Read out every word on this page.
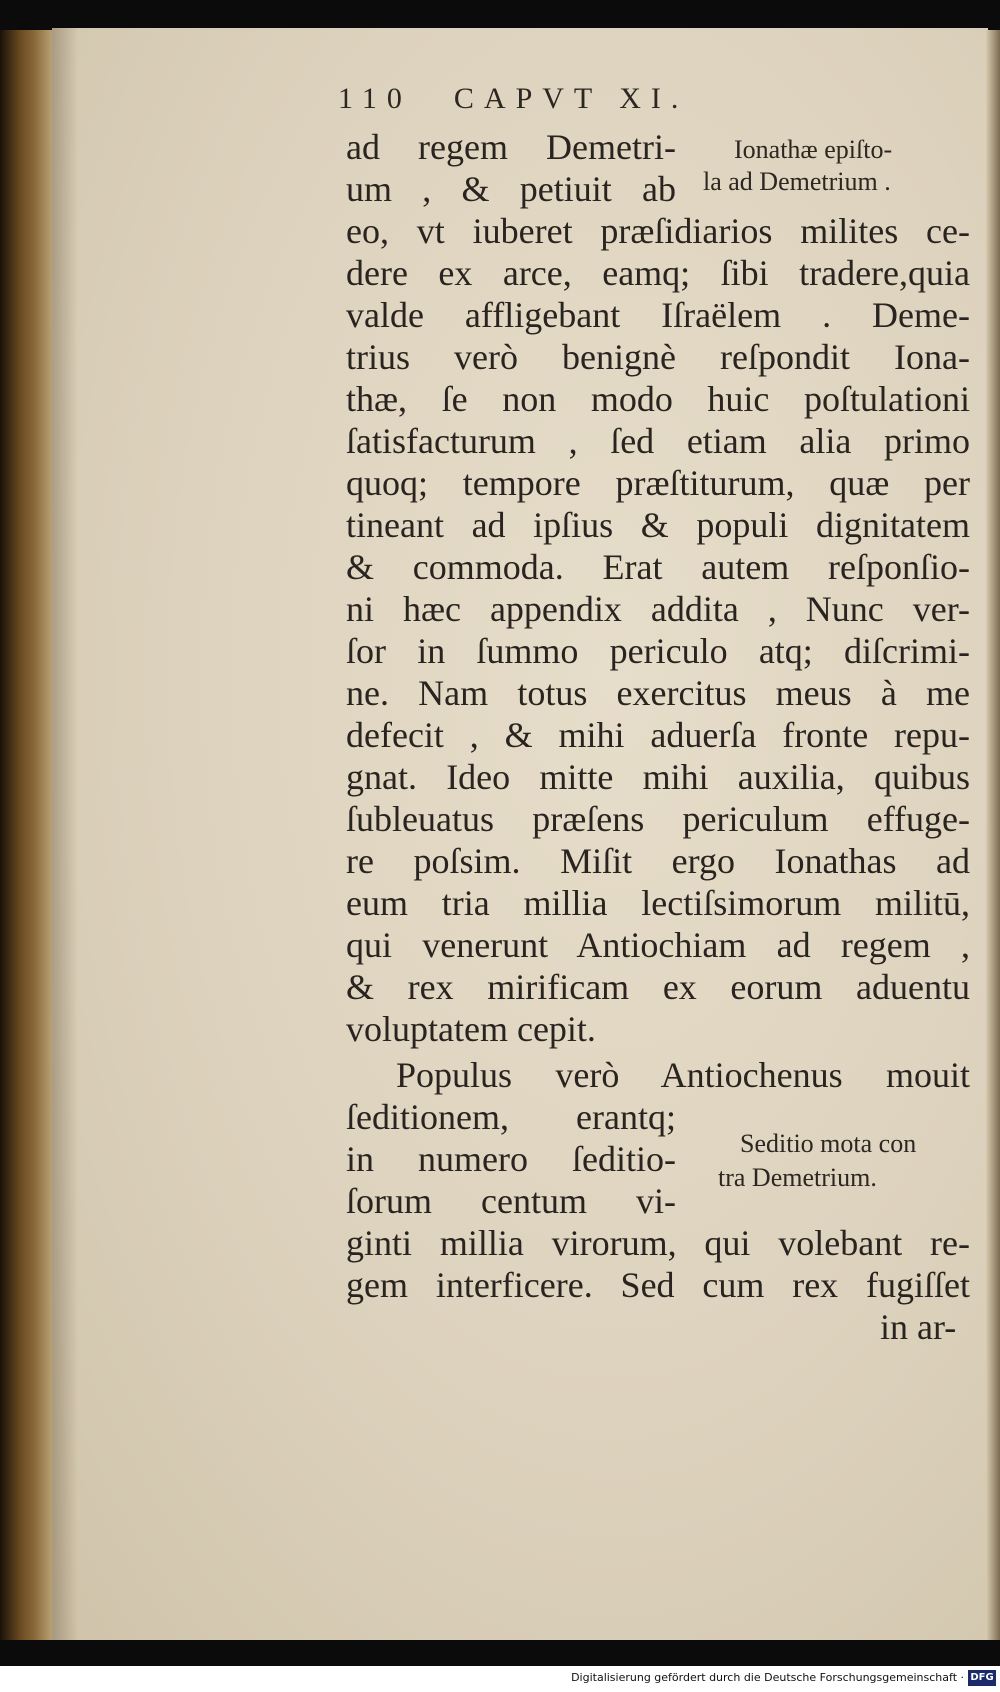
110 CAPVT XI.
ad regem Demetri-
um , & petiuit ab
eo, vt iuberet præſidiarios milites ce-
dere ex arce, eamq; ſibi tradere,quia
valde affligebant Iſraëlem . Deme-
trius verò benignè reſpondit Iona-
thæ, ſe non modo huic poſtulationi
ſatisfacturum , ſed etiam alia primo
quoq; tempore præſtiturum, quæ per
tineant ad ipſius & populi dignitatem
& commoda. Erat autem reſponſio-
ni hæc appendix addita , Nunc ver-
ſor in ſummo periculo atq; diſcrimi-
ne. Nam totus exercitus meus à me
defecit , & mihi aduerſa fronte repu-
gnat. Ideo mitte mihi auxilia, quibus
ſubleuatus præſens periculum effuge-
re poſsim. Miſit ergo Ionathas ad
eum tria millia lectiſsimorum militū,
qui venerunt Antiochiam ad regem ,
& rex mirificam ex eorum aduentu
voluptatem cepit.
Populus verò Antiochenus mouit
ſeditionem, erantq;
in numero ſeditio-
ſorum centum vi-
ginti millia virorum, qui volebant re-
gem interficere. Sed cum rex fugiſſet
in ar-
Ionathæ epiſto-
la ad Demetrium .
Seditio mota con
tra Demetrium.
Digitalisierung gefördert durch die Deutsche Forschungsgemeinschaft · DFG
